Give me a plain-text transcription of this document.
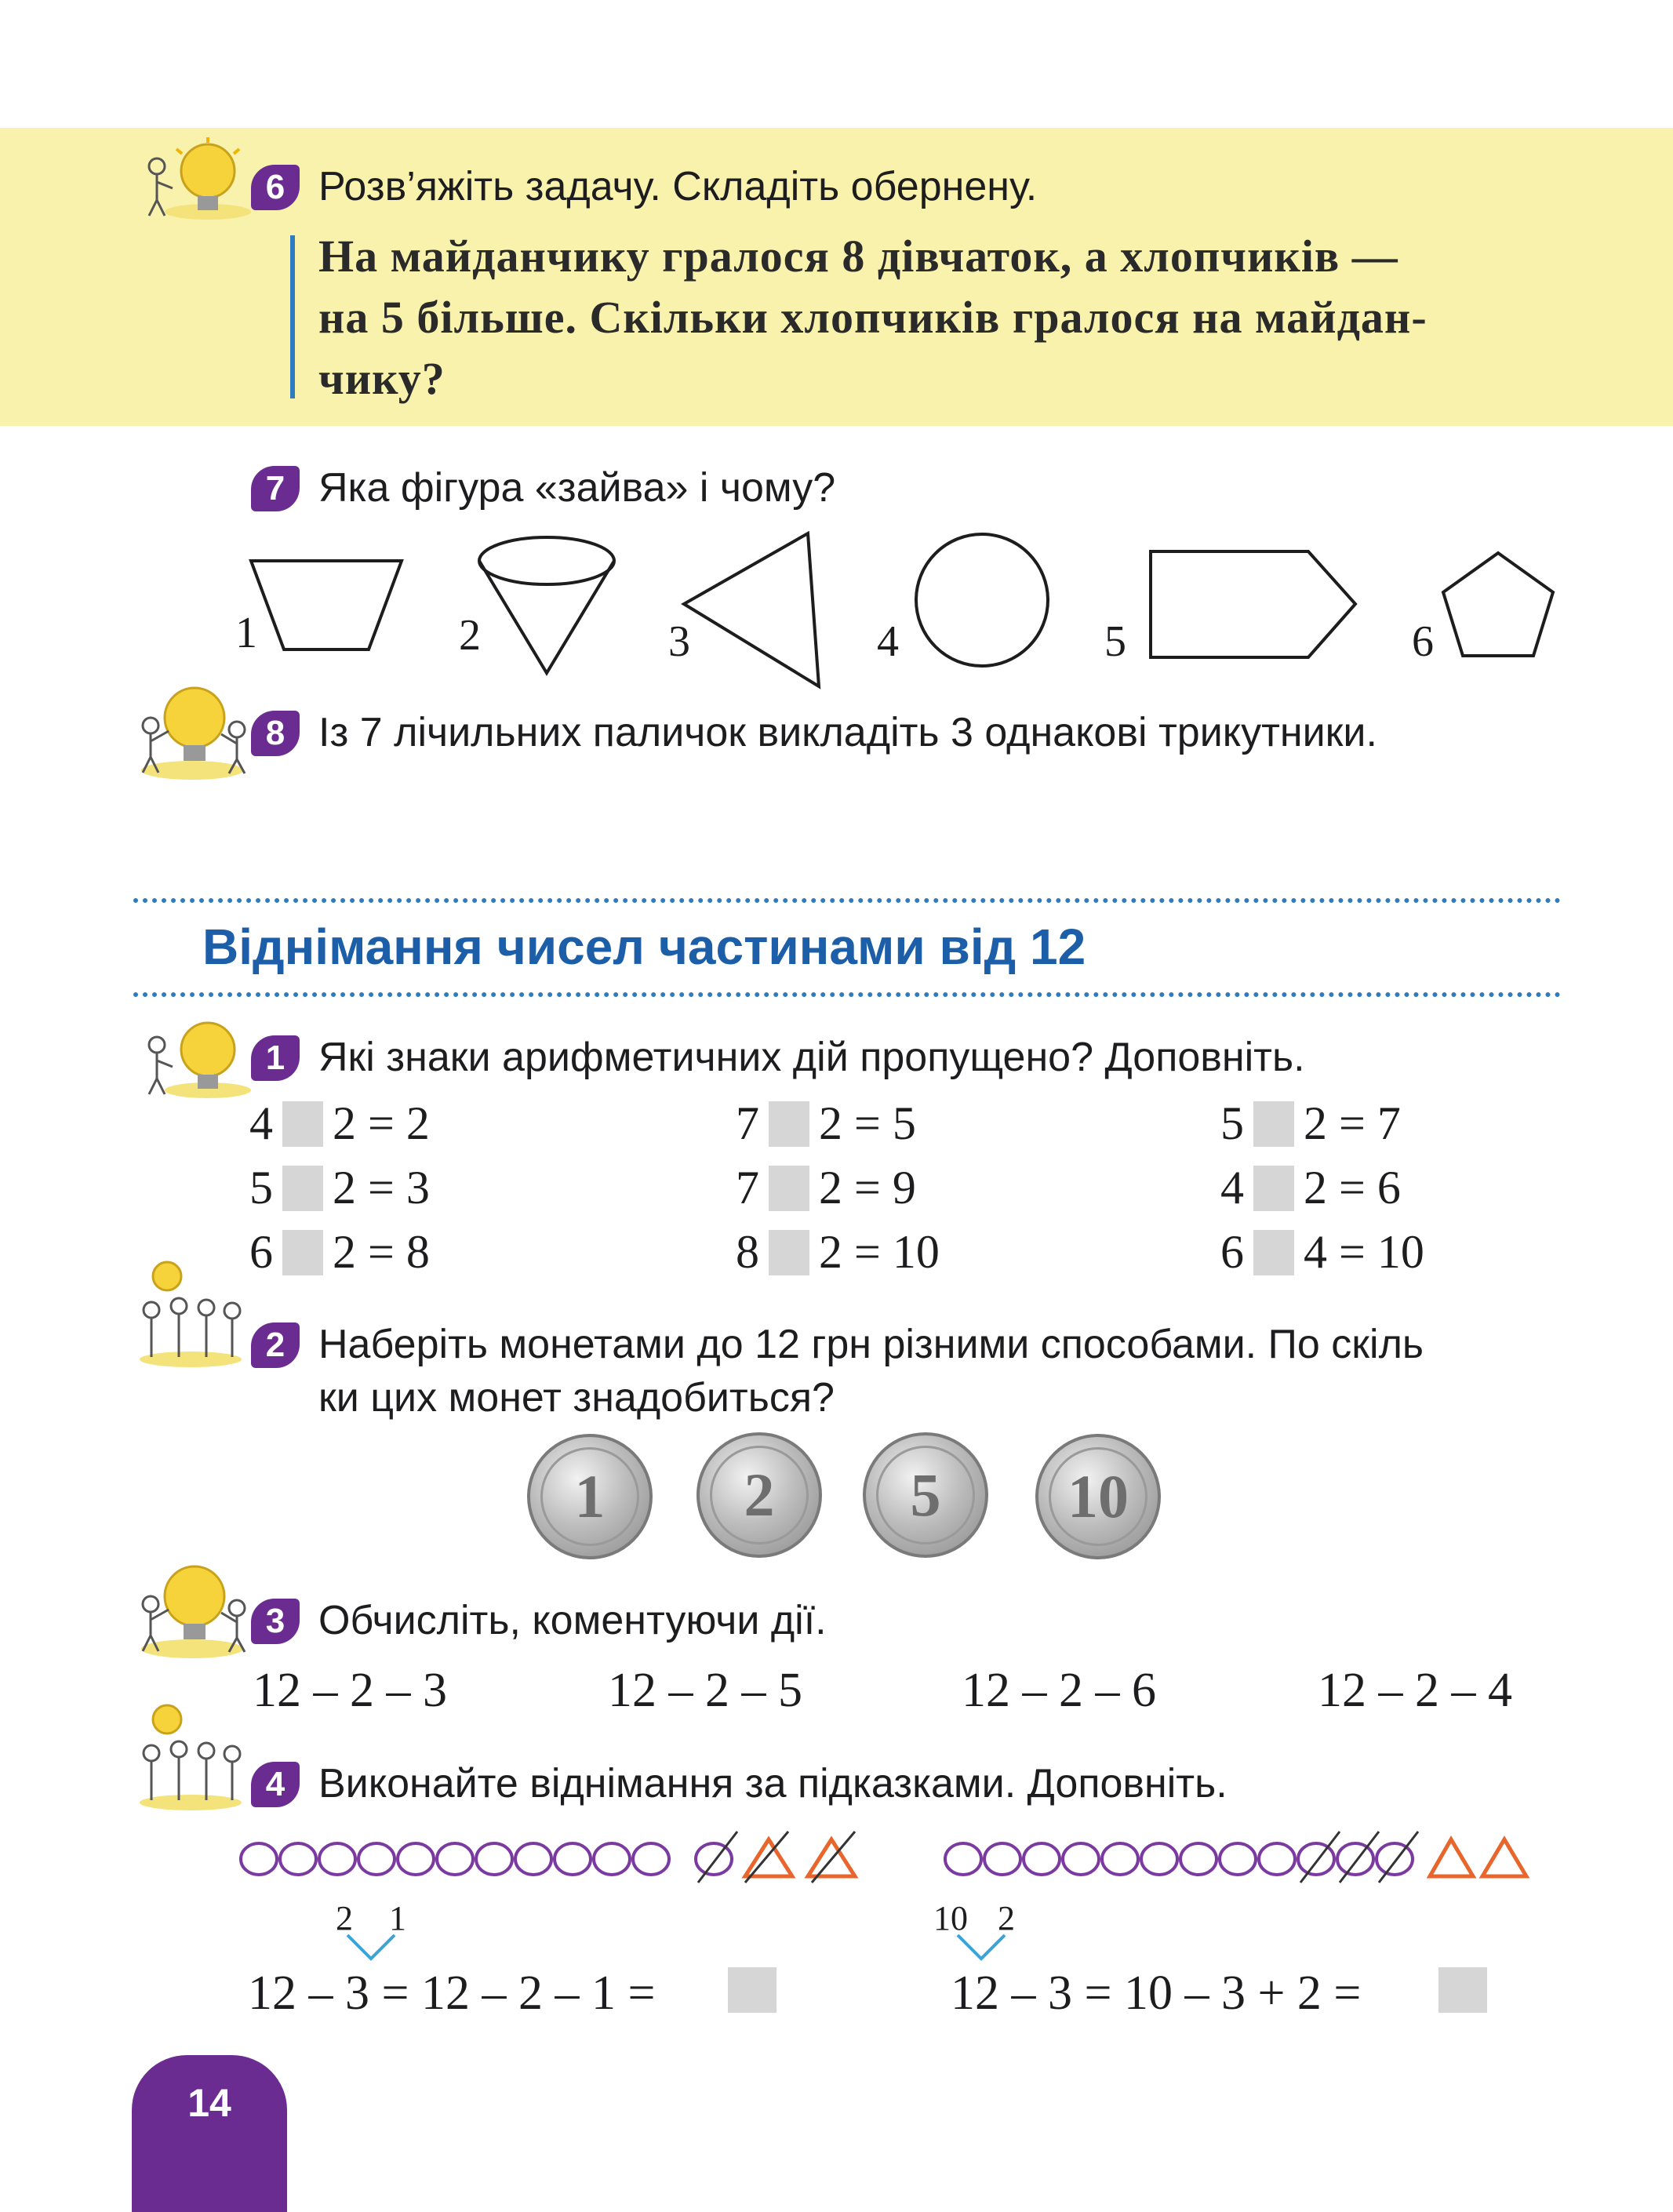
6 Розв’яжіть задачу. Складіть обернену.
На майданчику гралося 8 дівчаток, а хлопчиків —
на 5 більше. Скільки хлопчиків гралося на майдан-
чику?
7 Яка фігура «зайва» і чому?
1	2	3	4	5	6
8 Із 7 лічильних паличок викладіть 3 однакові трикутники.
Віднімання чисел частинами від 12
1 Які знаки арифметичних дій пропущено? Доповніть.
4 2 = 2	7 2 = 5	5 2 = 7
5 2 = 3	7 2 = 9	4 2 = 6
6 2 = 8	8 2 = 10	6 4 = 10
2 Наберіть монетами до 12 грн різними способами. По скіль
ки цих монет знадобиться?
1	2	5	10
3 Обчисліть, коментуючи дії.
12 – 2 – 3	12 – 2 – 5	12 – 2 – 6	12 – 2 – 4
4 Виконайте віднімання за підказками. Доповніть.
2 1
12 – 3 = 12 – 2 – 1 =
10 2
12 – 3 = 10 – 3 + 2 =
14
